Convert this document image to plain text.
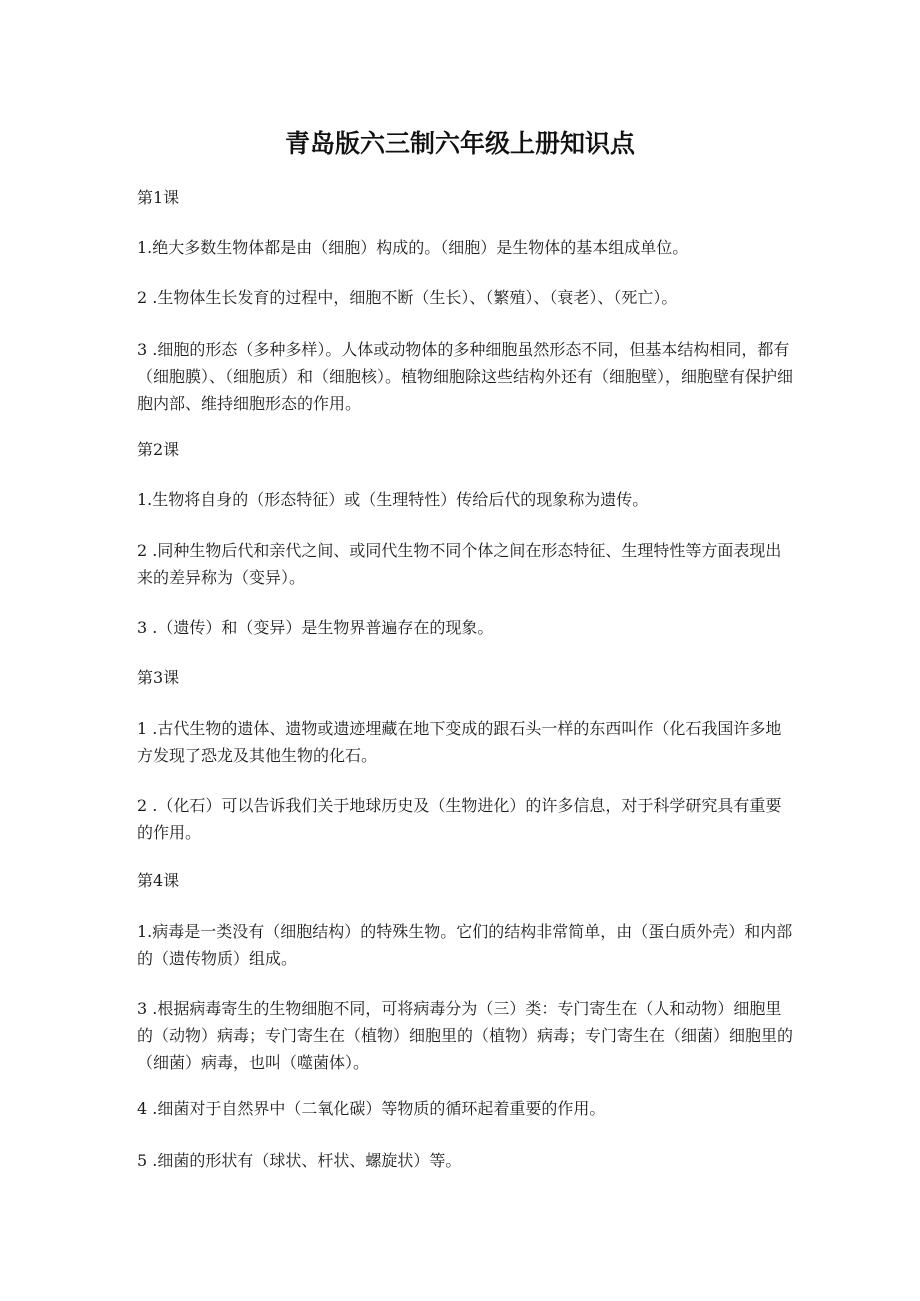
青岛版六三制六年级上册知识点

第1课

1.绝大多数生物体都是由（细胞）构成的。（细胞）是生物体的基本组成单位。

2 .生物体生长发育的过程中，细胞不断（生长）、（繁殖）、（衰老）、（死亡）。

3 .细胞的形态（多种多样）。人体或动物体的多种细胞虽然形态不同，但基本结构相同，都有（细胞膜）、（细胞质）和（细胞核）。植物细胞除这些结构外还有（细胞壁），细胞壁有保护细胞内部、维持细胞形态的作用。

第2课

1.生物将自身的（形态特征）或（生理特性）传给后代的现象称为遗传。

2 .同种生物后代和亲代之间、或同代生物不同个体之间在形态特征、生理特性等方面表现出来的差异称为（变异）。

3 .（遗传）和（变异）是生物界普遍存在的现象。

第3课

1 .古代生物的遗体、遗物或遗迹埋藏在地下变成的跟石头一样的东西叫作（化石我国许多地方发现了恐龙及其他生物的化石。

2 .（化石）可以告诉我们关于地球历史及（生物进化）的许多信息，对于科学研究具有重要的作用。

第4课

1.病毒是一类没有（细胞结构）的特殊生物。它们的结构非常简单，由（蛋白质外壳）和内部的（遗传物质）组成。

3 .根据病毒寄生的生物细胞不同，可将病毒分为（三）类：专门寄生在（人和动物）细胞里的（动物）病毒；专门寄生在（植物）细胞里的（植物）病毒；专门寄生在（细菌）细胞里的（细菌）病毒，也叫（噬菌体）。

4 .细菌对于自然界中（二氧化碳）等物质的循环起着重要的作用。

5 .细菌的形状有（球状、杆状、螺旋状）等。
